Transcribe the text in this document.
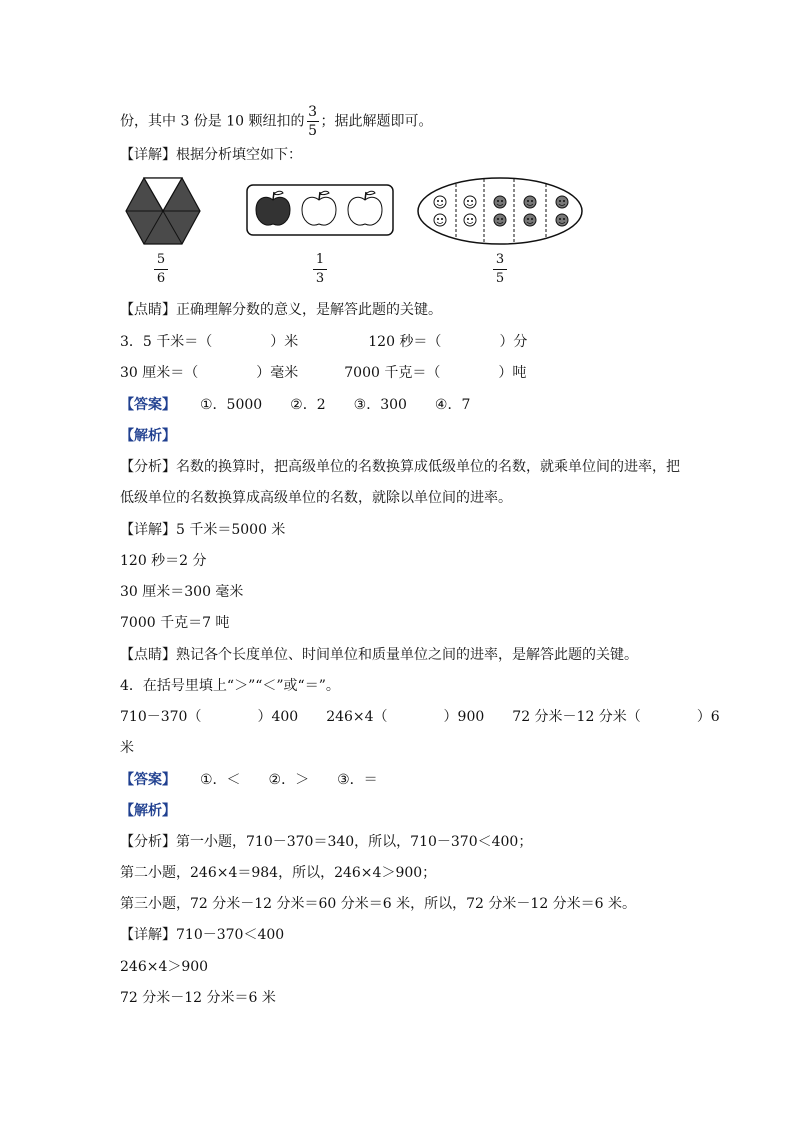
份，其中 3 份是 10 颗纽扣的 $\frac{3}{5}$ ；据此解题即可。
【详解】根据分析填空如下：
5
6
1
3
3
5
【点睛】正确理解分数的意义，是解答此题的关键。
3．5 千米＝（	）米	120 秒＝（	）分
30 厘米＝（	）毫米	7000 千克＝（	）吨
【答案】 ①．5000　　②．2　　③．300　　④．7
【解析】
【分析】名数的换算时，把高级单位的名数换算成低级单位的名数，就乘单位间的进率，把
低级单位的名数换算成高级单位的名数，就除以单位间的进率。
【详解】5 千米＝5000 米
120 秒＝2 分
30 厘米＝300 毫米
7000 千克＝7 吨
【点睛】熟记各个长度单位、时间单位和质量单位之间的进率，是解答此题的关键。
4．在括号里填上“＞”“＜”或“＝”。
710－370（	）400 246×4（	）900 72 分米－12 分米（	）6
米
【答案】 ①．＜　　②．＞　　③．＝
【解析】
【分析】第一小题，710－370＝340，所以，710－370＜400；
第二小题，246×4＝984，所以，246×4＞900；
第三小题，72 分米－12 分米＝60 分米＝6 米，所以，72 分米－12 分米＝6 米。
【详解】710－370＜400
246×4＞900
72 分米－12 分米＝6 米
